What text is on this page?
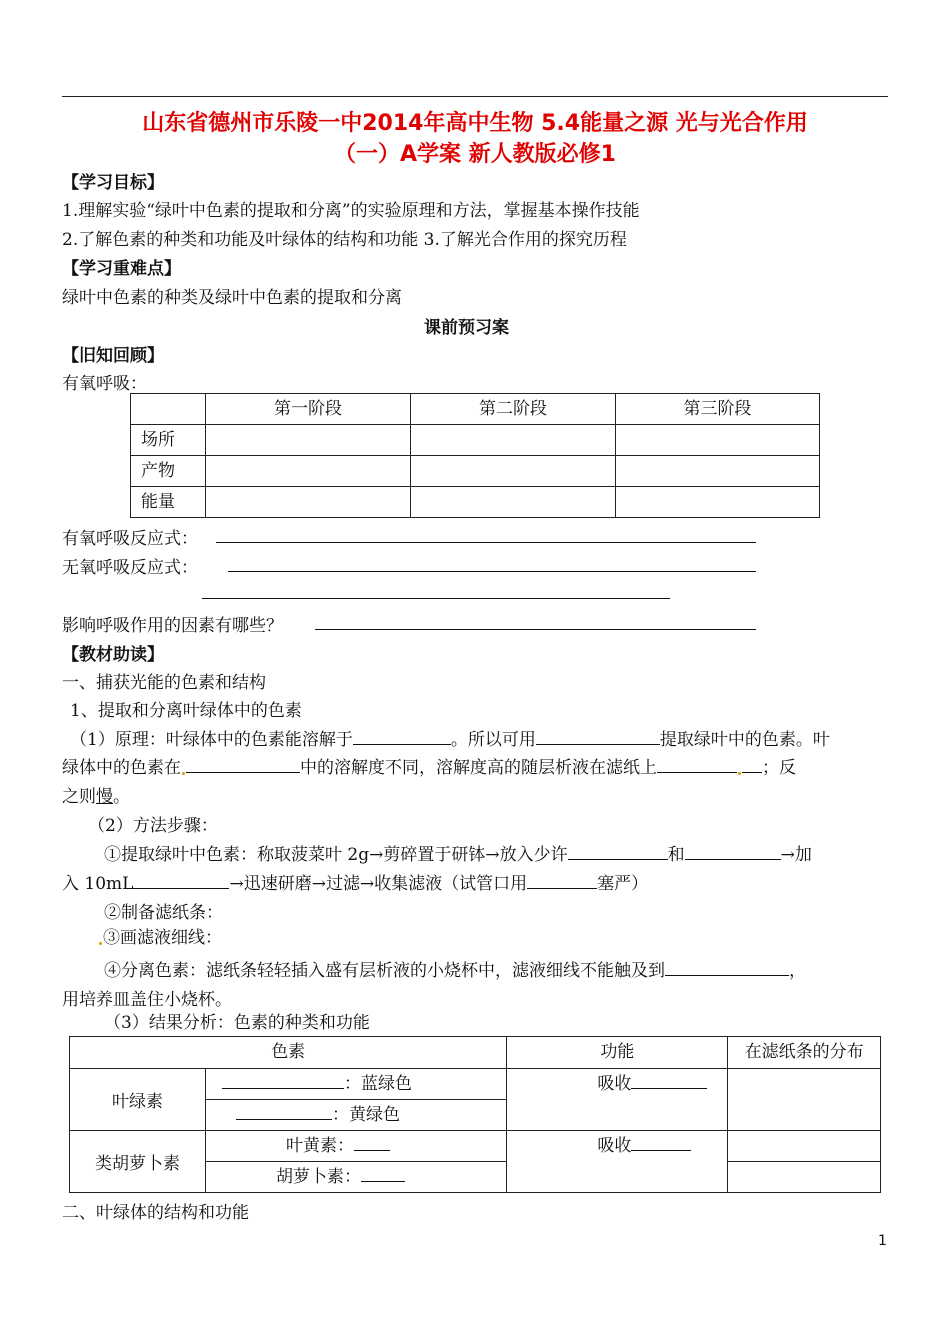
山东省德州市乐陵一中2014年高中生物 5.4能量之源 光与光合作用
（一）A学案 新人教版必修1
【学习目标】
1.理解实验“绿叶中色素的提取和分离”的实验原理和方法，掌握基本操作技能
2.了解色素的种类和功能及叶绿体的结构和功能 3.了解光合作用的探究历程
【学习重难点】
绿叶中色素的种类及绿叶中色素的提取和分离
课前预习案
【旧知回顾】
有氧呼吸：
	第一阶段	第二阶段	第三阶段
场所			
产物			
能量			
有氧呼吸反应式：
无氧呼吸反应式：
影响呼吸作用的因素有哪些？
【教材助读】
一、捕获光能的色素和结构
1、提取和分离叶绿体中的色素
（1）原理：叶绿体中的色素能溶解于	。所以可用	提取绿叶中的色素。叶
绿体中的色素在	中的溶解度不同，溶解度高的随层析液在滤纸上	；反
之则慢。
（2）方法步骤：
①提取绿叶中色素：称取菠菜叶 2g→剪碎置于研钵→放入少许	和	→加
入 10mL	→迅速研磨→过滤→收集滤液（试管口用	塞严）
②制备滤纸条：
③画滤液细线：
④分离色素：滤纸条轻轻插入盛有层析液的小烧杯中，滤液细线不能触及到	，
用培养皿盖住小烧杯。
（3）结果分析：色素的种类和功能
色素		功能	在滤纸条的分布
叶绿素	：蓝绿色	吸收	
	：黄绿色		
类胡萝卜素	叶黄素：	吸收	
	胡萝卜素：		
二、叶绿体的结构和功能
1
